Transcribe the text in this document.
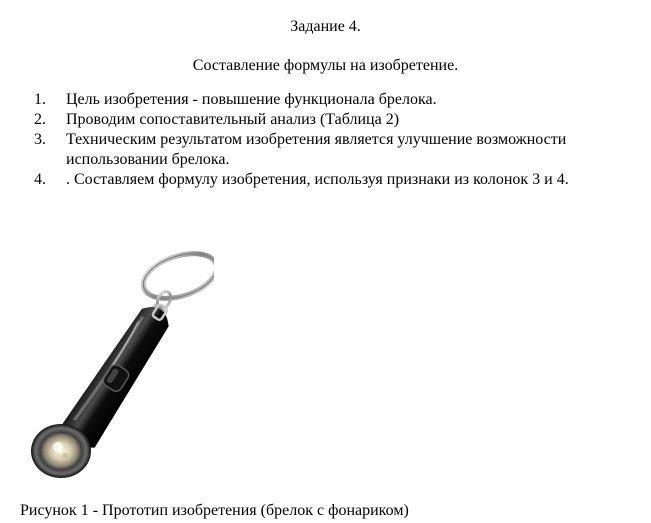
Задание 4.
Составление формулы на изобретение.
1. Цель изобретения - повышение функционала брелока.
2. Проводим сопоставительный анализ (Таблица 2)
3. Техническим результатом изобретения является улучшение возможности использовании брелока.
4. . Составляем формулу изобретения, используя признаки из колонок 3 и 4.
Рисунок 1 - Прототип изобретения (брелок с фонариком)
